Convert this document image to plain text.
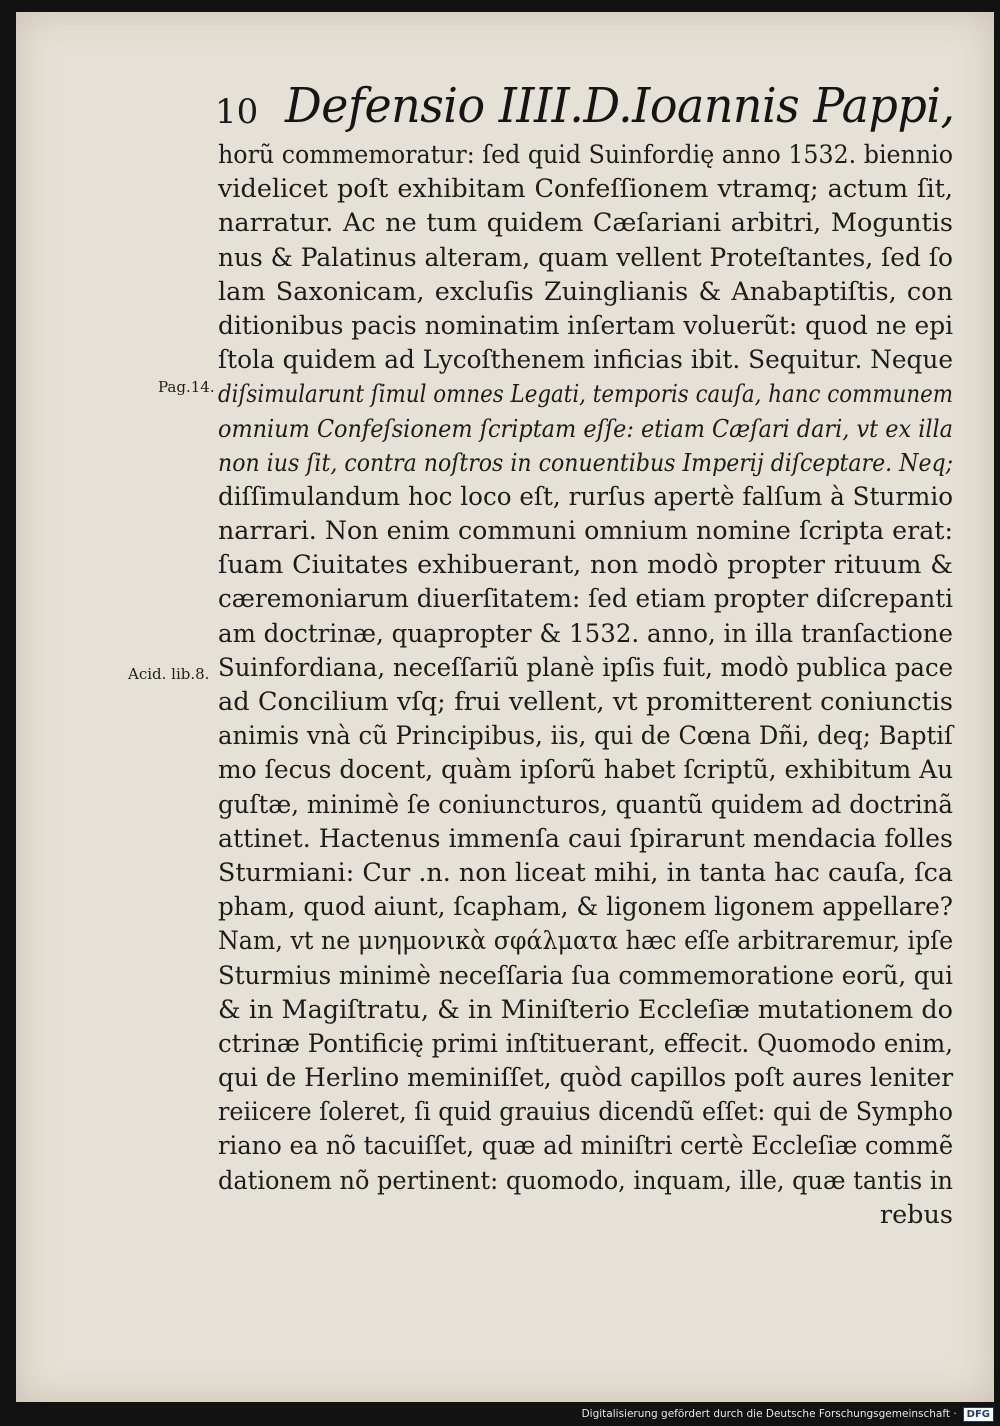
10 Defensio IIII.D.Ioannis Pappi,
Pag.14.
Acid. lib.8.
horũ commemoratur: ſed quid Suinfordię anno 1532. biennio
videlicet poſt exhibitam Confeſſionem vtramq; actum ſit,
narratur. Ac ne tum quidem Cæſariani arbitri, Moguntis
nus & Palatinus alteram, quam vellent Proteſtantes, ſed ſo
lam Saxonicam, excluſis Zuinglianis & Anabaptiſtis, con
ditionibus pacis nominatim inſertam voluerũt: quod ne epi
ſtola quidem ad Lycoſthenem inficias ibit. Sequitur. Neque
diſsimularunt ſimul omnes Legati, temporis cauſa, hanc communem
omnium Confeſsionem ſcriptam eſſe: etiam Cæſari dari, vt ex illa
non ius ſit, contra noſtros in conuentibus Imperij diſceptare. Neq;
diſſimulandum hoc loco eſt, rurſus apertè falſum à Sturmio
narrari. Non enim communi omnium nomine ſcripta erat:
ſuam Ciuitates exhibuerant, non modò propter rituum &
cæremoniarum diuerſitatem: ſed etiam propter diſcrepanti
am doctrinæ, quapropter & 1532. anno, in illa tranſactione
Suinfordiana, neceſſariũ planè ipſis fuit, modò publica pace
ad Concilium vſq; frui vellent, vt promitterent coniunctis
animis vnà cũ Principibus, iis, qui de Cœna Dñi, deq; Baptiſ
mo ſecus docent, quàm ipſorũ habet ſcriptũ, exhibitum Au
guſtæ, minimè ſe coniuncturos, quantũ quidem ad doctrinã
attinet. Hactenus immenſa caui ſpirarunt mendacia folles
Sturmiani: Cur .n. non liceat mihi, in tanta hac cauſa, ſca
pham, quod aiunt, ſcapham, & ligonem ligonem appellare?
Nam, vt ne μνημονικὰ σφάλματα hæc eſſe arbitraremur, ipſe
Sturmius minimè neceſſaria ſua commemoratione eorũ, qui
& in Magiſtratu, & in Miniſterio Eccleſiæ mutationem do
ctrinæ Pontificię primi inſtituerant, effecit. Quomodo enim,
qui de Herlino meminiſſet, quòd capillos poſt aures leniter
reiicere ſoleret, ſi quid grauius dicendũ eſſet: qui de Sympho
riano ea nõ tacuiſſet, quæ ad miniſtri certè Eccleſiæ commẽ
dationem nõ pertinent: quomodo, inquam, ille, quæ tantis in
rebus
Digitalisierung gefördert durch die Deutsche Forschungsgemeinschaft ·	DFG
